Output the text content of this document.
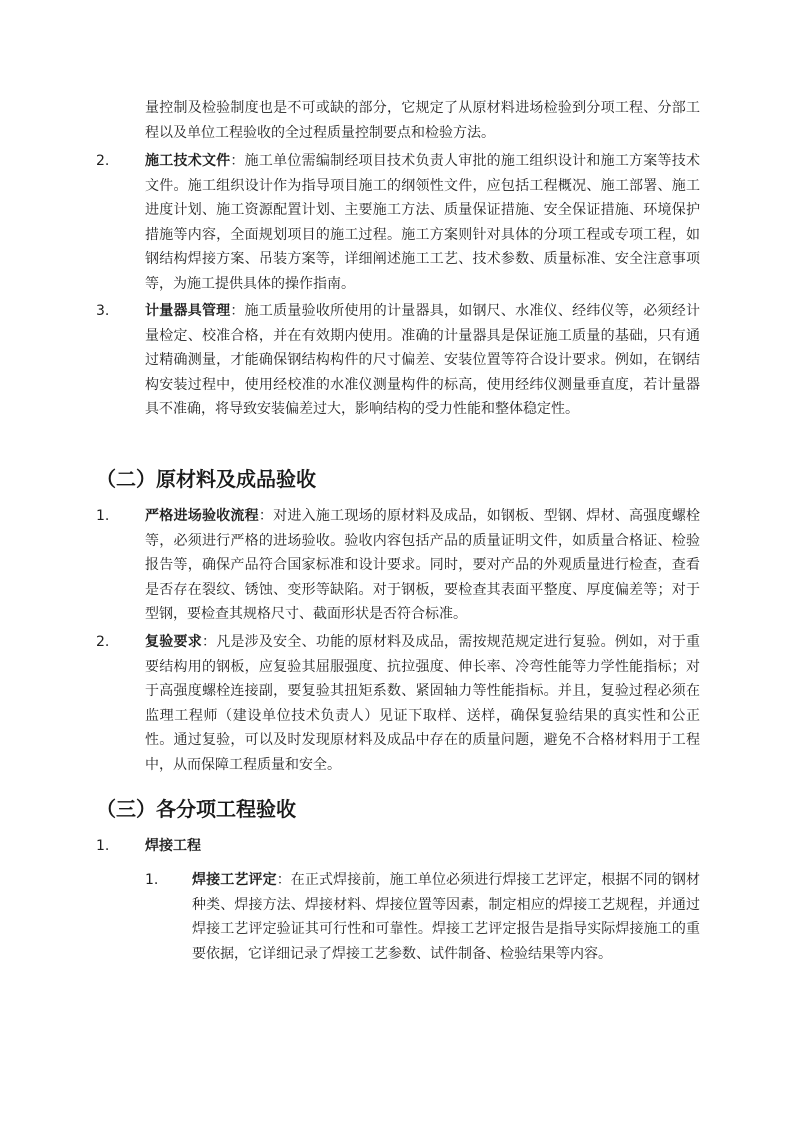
量控制及检验制度也是不可或缺的部分，它规定了从原材料进场检验到分项工程、分部工程以及单位工程验收的全过程质量控制要点和检验方法。

2.	施工技术文件：施工单位需编制经项目技术负责人审批的施工组织设计和施工方案等技术文件。施工组织设计作为指导项目施工的纲领性文件，应包括工程概况、施工部署、施工进度计划、施工资源配置计划、主要施工方法、质量保证措施、安全保证措施、环境保护措施等内容，全面规划项目的施工过程。施工方案则针对具体的分项工程或专项工程，如钢结构焊接方案、吊装方案等，详细阐述施工工艺、技术参数、质量标准、安全注意事项等，为施工提供具体的操作指南。

3.	计量器具管理：施工质量验收所使用的计量器具，如钢尺、水准仪、经纬仪等，必须经计量检定、校准合格，并在有效期内使用。准确的计量器具是保证施工质量的基础，只有通过精确测量，才能确保钢结构构件的尺寸偏差、安装位置等符合设计要求。例如，在钢结构安装过程中，使用经校准的水准仪测量构件的标高，使用经纬仪测量垂直度，若计量器具不准确，将导致安装偏差过大，影响结构的受力性能和整体稳定性。

（二）原材料及成品验收
1.	严格进场验收流程：对进入施工现场的原材料及成品，如钢板、型钢、焊材、高强度螺栓等，必须进行严格的进场验收。验收内容包括产品的质量证明文件，如质量合格证、检验报告等，确保产品符合国家标准和设计要求。同时，要对产品的外观质量进行检查，查看是否存在裂纹、锈蚀、变形等缺陷。对于钢板，要检查其表面平整度、厚度偏差等；对于型钢，要检查其规格尺寸、截面形状是否符合标准。

2.	复验要求：凡是涉及安全、功能的原材料及成品，需按规范规定进行复验。例如，对于重要结构用的钢板，应复验其屈服强度、抗拉强度、伸长率、冷弯性能等力学性能指标；对于高强度螺栓连接副，要复验其扭矩系数、紧固轴力等性能指标。并且，复验过程必须在监理工程师（建设单位技术负责人）见证下取样、送样，确保复验结果的真实性和公正性。通过复验，可以及时发现原材料及成品中存在的质量问题，避免不合格材料用于工程中，从而保障工程质量和安全。

（三）各分项工程验收
1.	焊接工程

1. 焊接工艺评定：在正式焊接前，施工单位必须进行焊接工艺评定，根据不同的钢材种类、焊接方法、焊接材料、焊接位置等因素，制定相应的焊接工艺规程，并通过焊接工艺评定验证其可行性和可靠性。焊接工艺评定报告是指导实际焊接施工的重要依据，它详细记录了焊接工艺参数、试件制备、检验结果等内容。
